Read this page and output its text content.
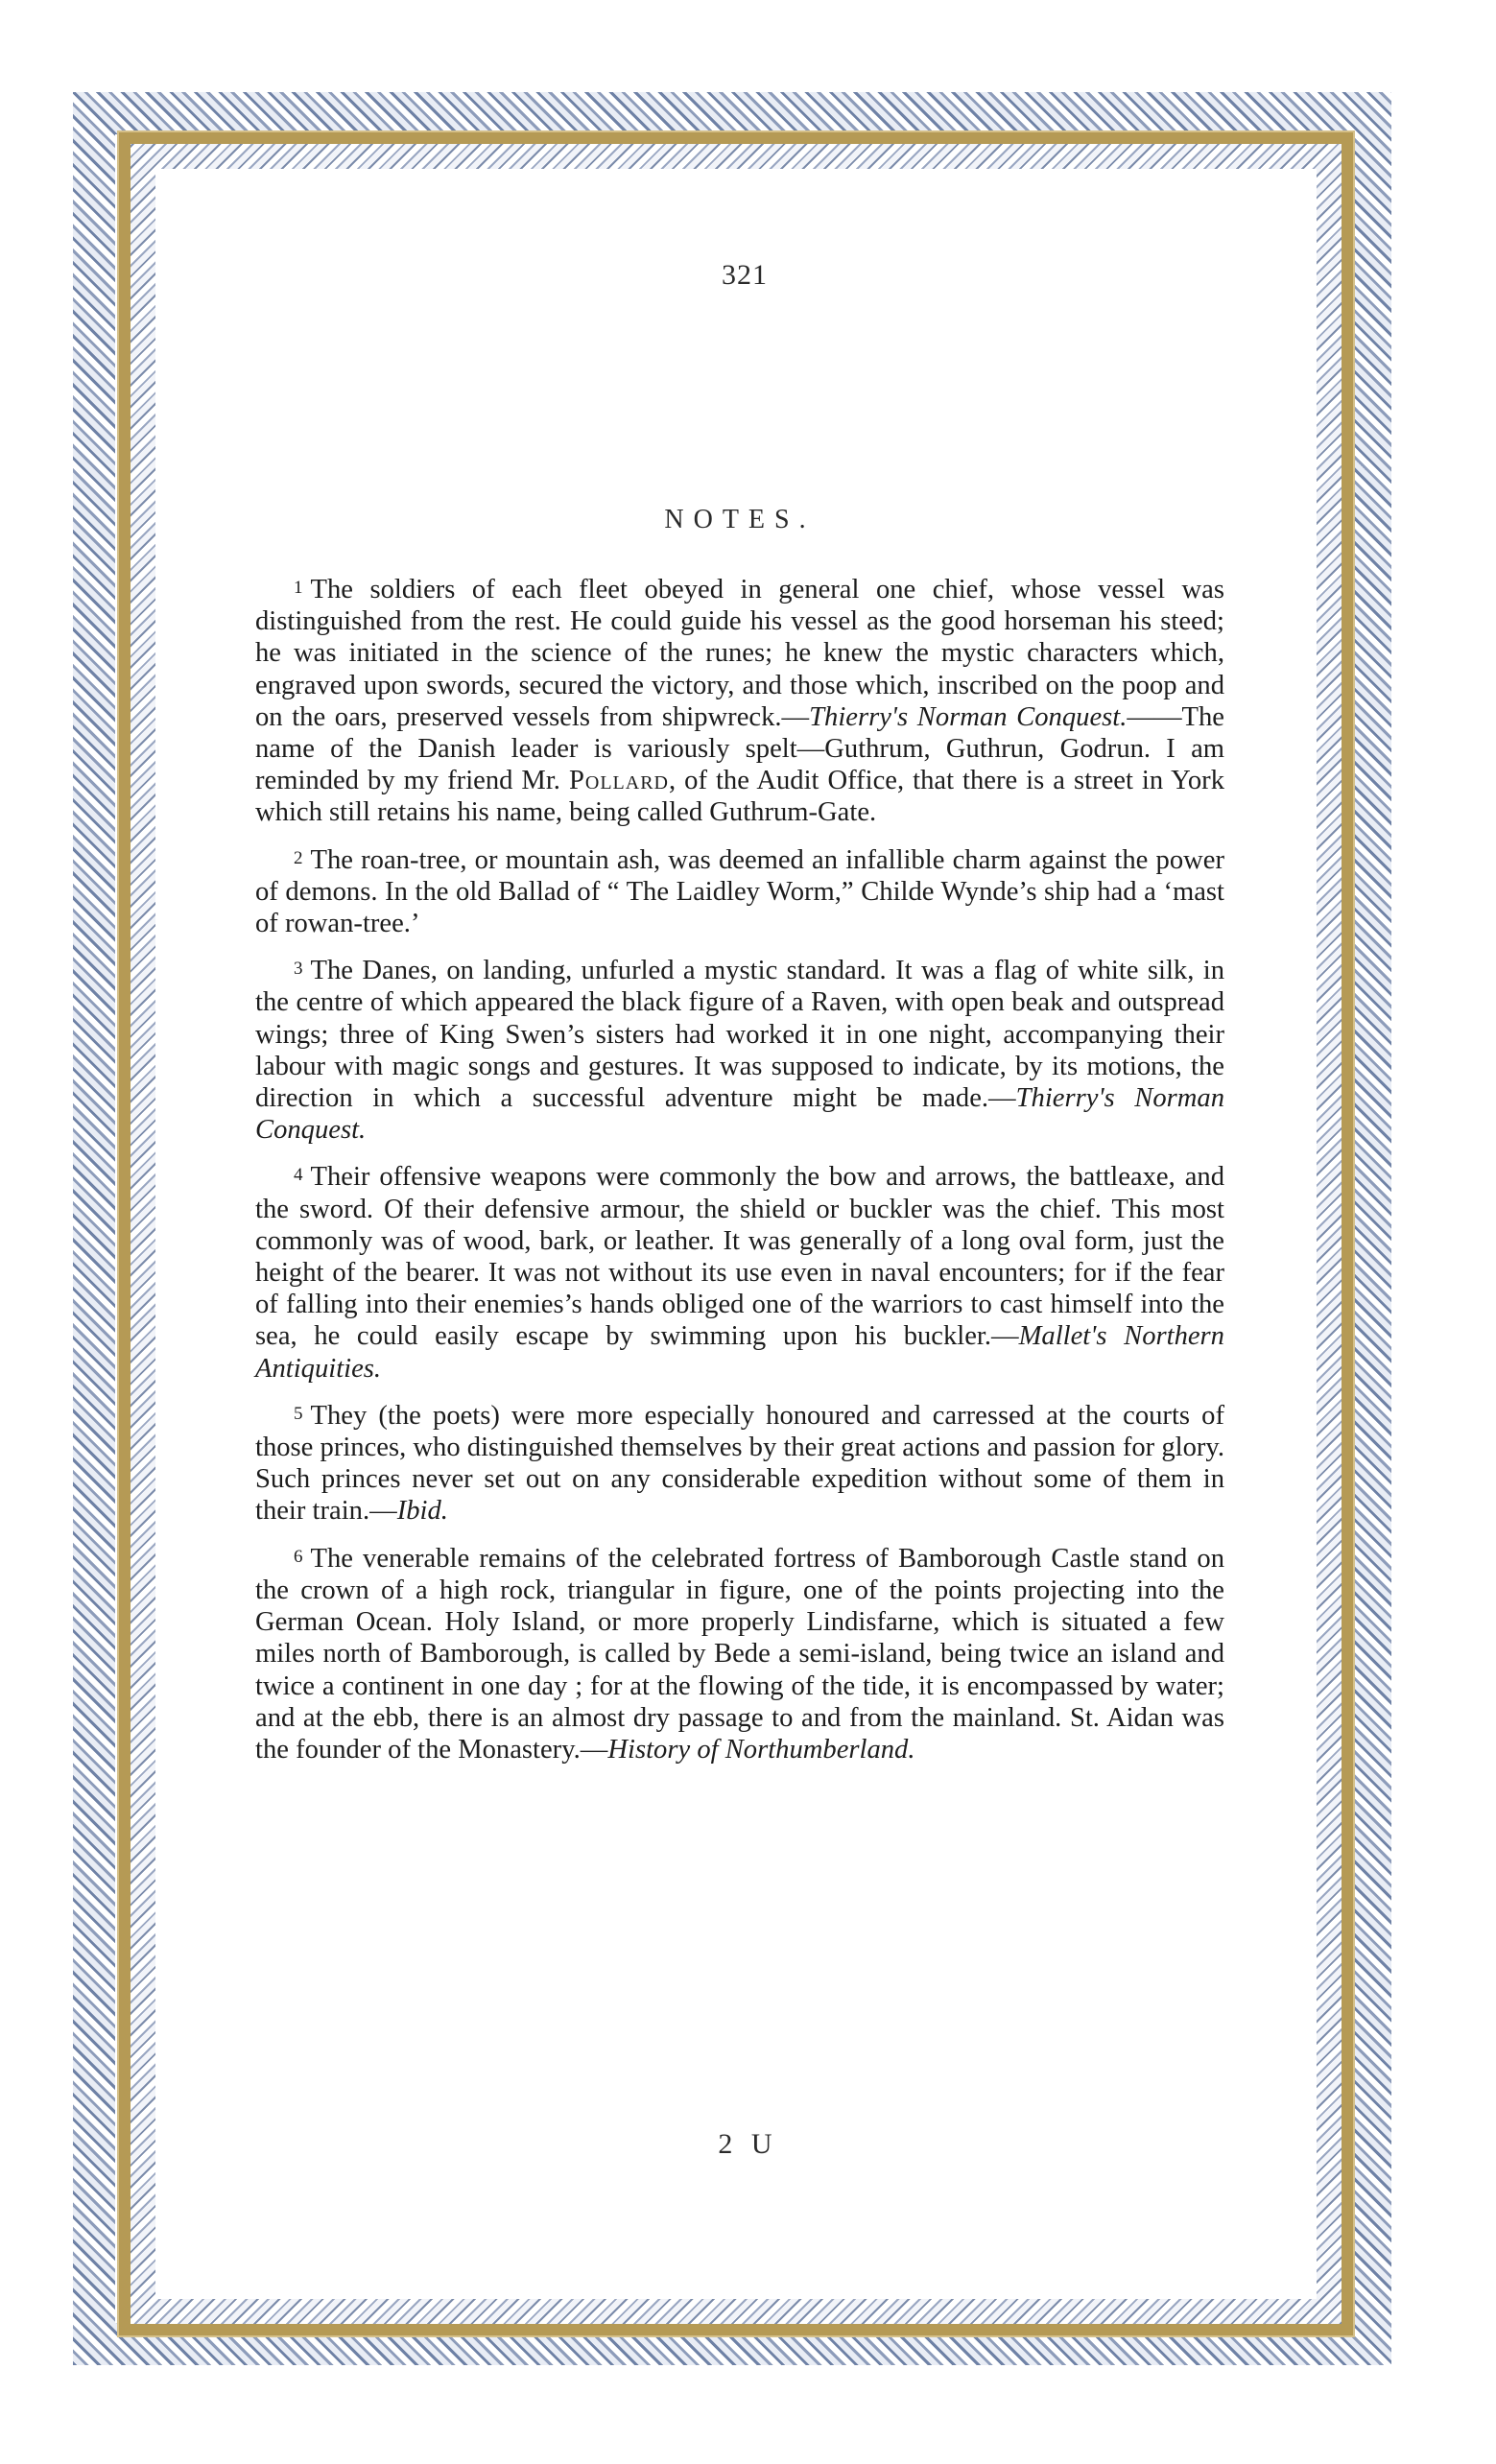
321
NOTES.

1 The soldiers of each fleet obeyed in general one chief, whose vessel was distinguished from the rest. He could guide his vessel as the good horseman his steed; he was initiated in the science of the runes; he knew the mystic characters which, engraved upon swords, secured the victory, and those which, inscribed on the poop and on the oars, preserved vessels from shipwreck.—Thierry's Norman Conquest.——The name of the Danish leader is variously spelt—Guthrum, Guthrun, Godrun. I am reminded by my friend Mr. Pollard, of the Audit Office, that there is a street in York which still retains his name, being called Guthrum-Gate.

2 The roan-tree, or mountain ash, was deemed an infallible charm against the power of demons. In the old Ballad of “ The Laidley Worm,” Childe Wynde’s ship had a ‘mast of rowan-tree.’

3 The Danes, on landing, unfurled a mystic standard. It was a flag of white silk, in the centre of which appeared the black figure of a Raven, with open beak and outspread wings; three of King Swen’s sisters had worked it in one night, accompanying their labour with magic songs and gestures. It was supposed to indicate, by its motions, the direction in which a successful adventure might be made.—Thierry's Norman Conquest.

4 Their offensive weapons were commonly the bow and arrows, the battleaxe, and the sword. Of their defensive armour, the shield or buckler was the chief. This most commonly was of wood, bark, or leather. It was generally of a long oval form, just the height of the bearer. It was not without its use even in naval encounters; for if the fear of falling into their enemies’s hands obliged one of the warriors to cast himself into the sea, he could easily escape by swimming upon his buckler.—Mallet's Northern Antiquities.

5 They (the poets) were more especially honoured and carressed at the courts of those princes, who distinguished themselves by their great actions and passion for glory. Such princes never set out on any considerable expedition without some of them in their train.—Ibid.

6 The venerable remains of the celebrated fortress of Bamborough Castle stand on the crown of a high rock, triangular in figure, one of the points projecting into the German Ocean. Holy Island, or more properly Lindisfarne, which is situated a few miles north of Bamborough, is called by Bede a semi-island, being twice an island and twice a continent in one day ; for at the flowing of the tide, it is encompassed by water; and at the ebb, there is an almost dry passage to and from the mainland. St. Aidan was the founder of the Monastery.—History of Northumberland.

2 U
